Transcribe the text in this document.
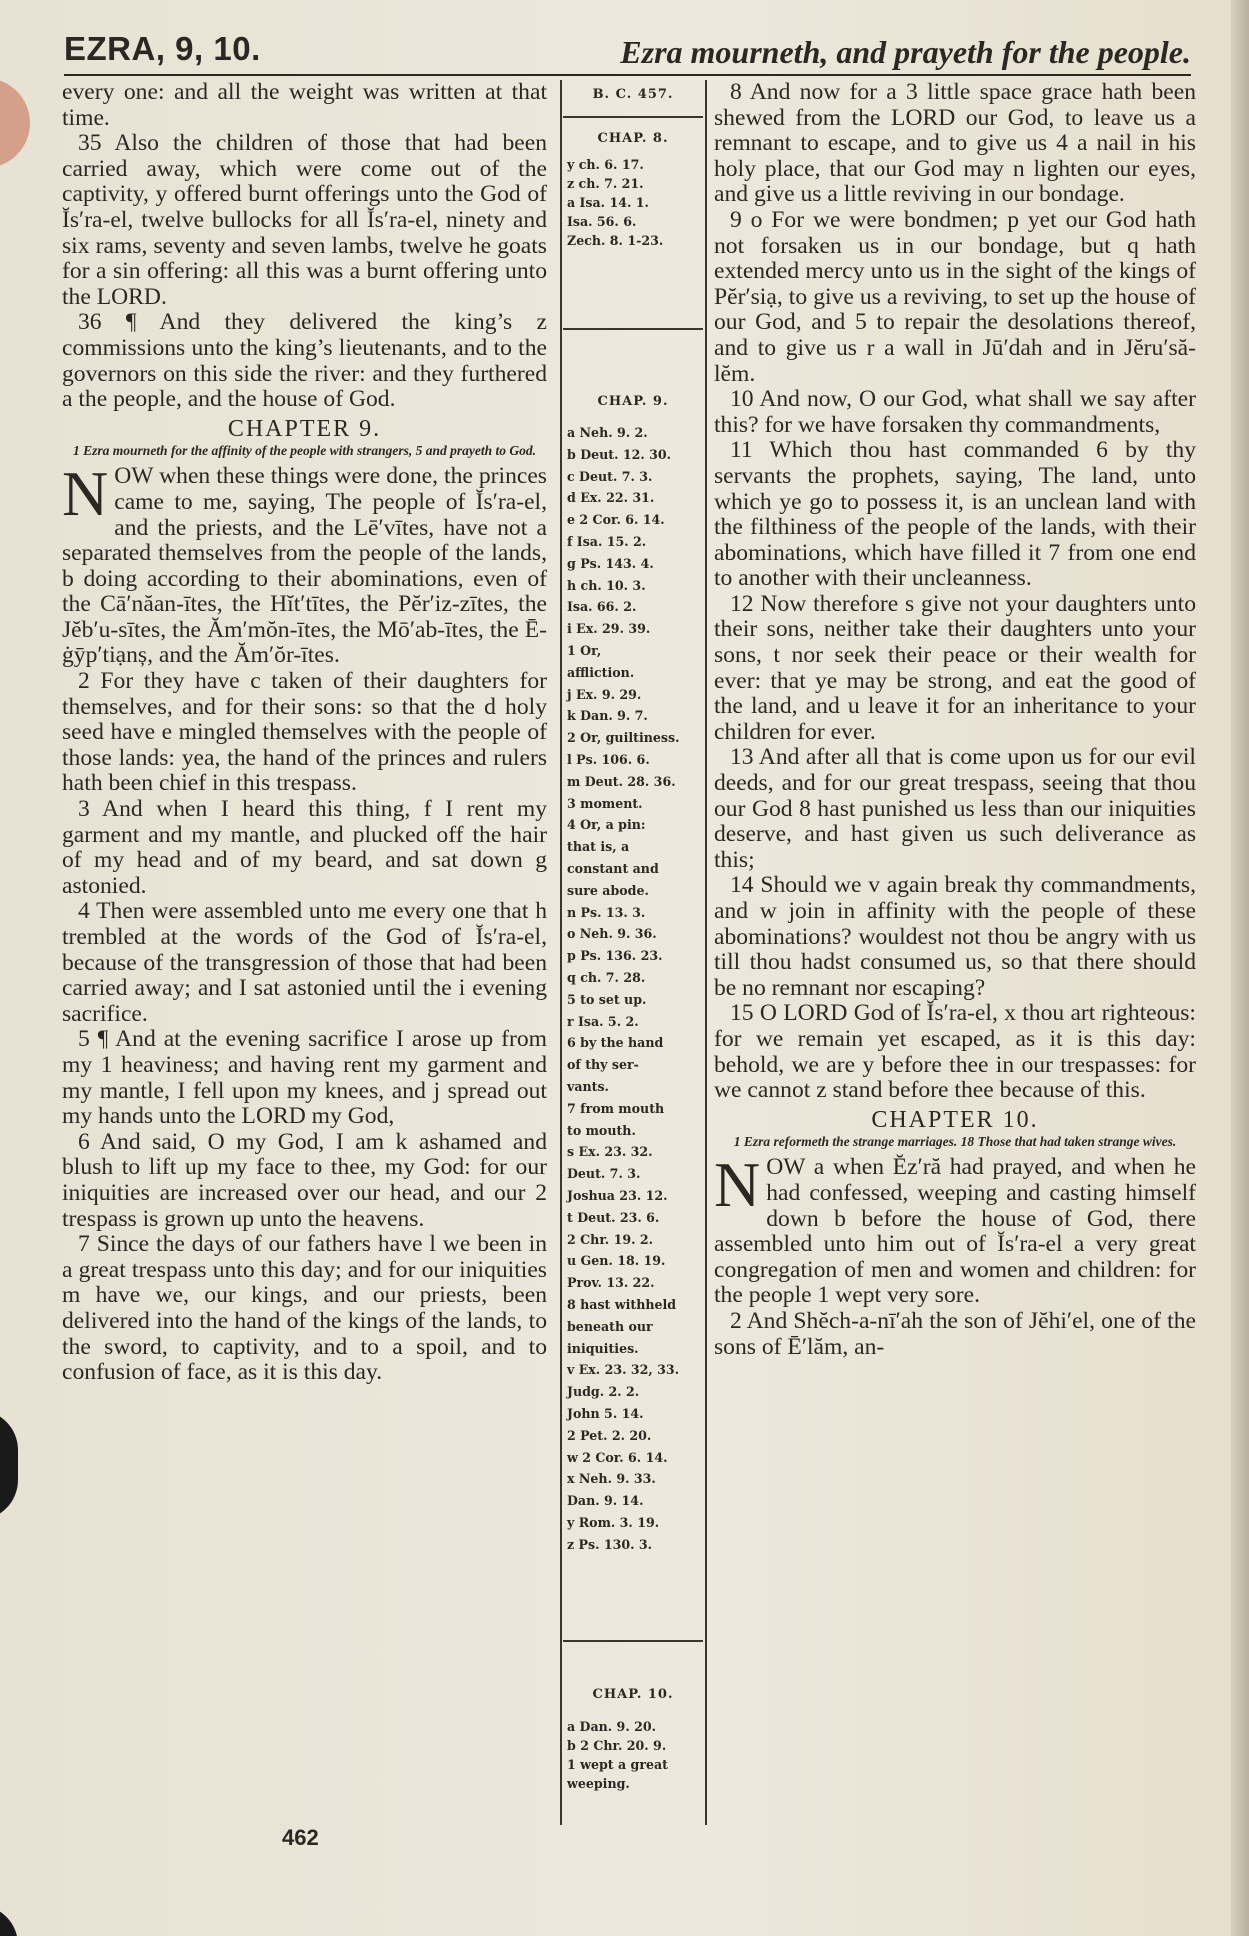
EZRA, 9, 10.	Ezra mourneth, and prayeth for the people.

every one: and all the weight was written at that time.

35 Also the children of those that had been carried away, which were come out of the captivity, y offered burnt offerings unto the God of Ĭs′ra-el, twelve bullocks for all Ĭs′ra-el, ninety and six rams, seventy and seven lambs, twelve he goats for a sin offering: all this was a burnt offering unto the LORD.

36 ¶ And they delivered the king’s z commissions unto the king’s lieutenants, and to the governors on this side the river: and they furthered a the people, and the house of God.

CHAPTER 9.
1 Ezra mourneth for the affinity of the people with strangers, 5 and prayeth to God.

NOW when these things were done, the princes came to me, saying, The people of Ĭs′ra-el, and the priests, and the Lē′vītes, have not a separated themselves from the people of the lands, b doing according to their abominations, even of the Cā′năan-ītes, the Hĭt′tītes, the Pĕr′iz-zītes, the Jĕb′u-sītes, the Ăm′mŏn-ītes, the Mō′ab-ītes, the Ē-ġȳp′tiạnș, and the Ăm′ŏr-ītes.

2 For they have c taken of their daughters for themselves, and for their sons: so that the d holy seed have e mingled themselves with the people of those lands: yea, the hand of the princes and rulers hath been chief in this trespass.

3 And when I heard this thing, f I rent my garment and my mantle, and plucked off the hair of my head and of my beard, and sat down g astonied.

4 Then were assembled unto me every one that h trembled at the words of the God of Ĭs′ra-el, because of the transgression of those that had been carried away; and I sat astonied until the i evening sacrifice.

5 ¶ And at the evening sacrifice I arose up from my 1 heaviness; and having rent my garment and my mantle, I fell upon my knees, and j spread out my hands unto the LORD my God,

6 And said, O my God, I am k ashamed and blush to lift up my face to thee, my God: for our iniquities are increased over our head, and our 2 trespass is grown up unto the heavens.

7 Since the days of our fathers have l we been in a great trespass unto this day; and for our iniquities m have we, our kings, and our priests, been delivered into the hand of the kings of the lands, to the sword, to captivity, and to a spoil, and to confusion of face, as it is this day.

B. C. 457.
CHAP. 8.
CHAP. 9.
CHAP. 10.
y ch. 6. 17.
z ch. 7. 21.
a Isa. 14. 1.
Isa. 56. 6.
Zech. 8. 1-23.
a Neh. 9. 2.
b Deut. 12. 30.
c Deut. 7. 3.
d Ex. 22. 31.
e 2 Cor. 6. 14.
f Isa. 15. 2.
g Ps. 143. 4.
h ch. 10. 3.
Isa. 66. 2.
i Ex. 29. 39.
1 Or,
affliction.
j Ex. 9. 29.
k Dan. 9. 7.
2 Or, guiltiness.
l Ps. 106. 6.
m Deut. 28. 36.
3 moment.
4 Or, a pin:
that is, a
constant and
sure abode.
n Ps. 13. 3.
o Neh. 9. 36.
p Ps. 136. 23.
q ch. 7. 28.
5 to set up.
r Isa. 5. 2.
6 by the hand
of thy ser-
vants.
7 from mouth
to mouth.
s Ex. 23. 32.
Deut. 7. 3.
Joshua 23. 12.
t Deut. 23. 6.
2 Chr. 19. 2.
u Gen. 18. 19.
Prov. 13. 22.
8 hast withheld
beneath our
iniquities.
v Ex. 23. 32, 33.
Judg. 2. 2.
John 5. 14.
2 Pet. 2. 20.
w 2 Cor. 6. 14.
x Neh. 9. 33.
Dan. 9. 14.
y Rom. 3. 19.
z Ps. 130. 3.
a Dan. 9. 20.
b 2 Chr. 20. 9.
1 wept a great
weeping.

8 And now for a 3 little space grace hath been shewed from the LORD our God, to leave us a remnant to escape, and to give us 4 a nail in his holy place, that our God may n lighten our eyes, and give us a little reviving in our bondage.

9 o For we were bondmen; p yet our God hath not forsaken us in our bondage, but q hath extended mercy unto us in the sight of the kings of Pĕr′siạ, to give us a reviving, to set up the house of our God, and 5 to repair the desolations thereof, and to give us r a wall in Jū′dah and in Jĕru′să-lĕm.

10 And now, O our God, what shall we say after this? for we have forsaken thy commandments,

11 Which thou hast commanded 6 by thy servants the prophets, saying, The land, unto which ye go to possess it, is an unclean land with the filthiness of the people of the lands, with their abominations, which have filled it 7 from one end to another with their uncleanness.

12 Now therefore s give not your daughters unto their sons, neither take their daughters unto your sons, t nor seek their peace or their wealth for ever: that ye may be strong, and eat the good of the land, and u leave it for an inheritance to your children for ever.

13 And after all that is come upon us for our evil deeds, and for our great trespass, seeing that thou our God 8 hast punished us less than our iniquities deserve, and hast given us such deliverance as this;

14 Should we v again break thy commandments, and w join in affinity with the people of these abominations? wouldest not thou be angry with us till thou hadst consumed us, so that there should be no remnant nor escaping?

15 O LORD God of Ĭs′ra-el, x thou art righteous: for we remain yet escaped, as it is this day: behold, we are y before thee in our trespasses: for we cannot z stand before thee because of this.

CHAPTER 10.
1 Ezra reformeth the strange marriages. 18 Those that had taken strange wives.

NOW a when Ĕz′ră had prayed, and when he had confessed, weeping and casting himself down b before the house of God, there assembled unto him out of Ĭs′ra-el a very great congregation of men and women and children: for the people 1 wept very sore.

2 And Shĕch-a-nī′ah the son of Jĕhi′el, one of the sons of Ē′lăm, an-

462
